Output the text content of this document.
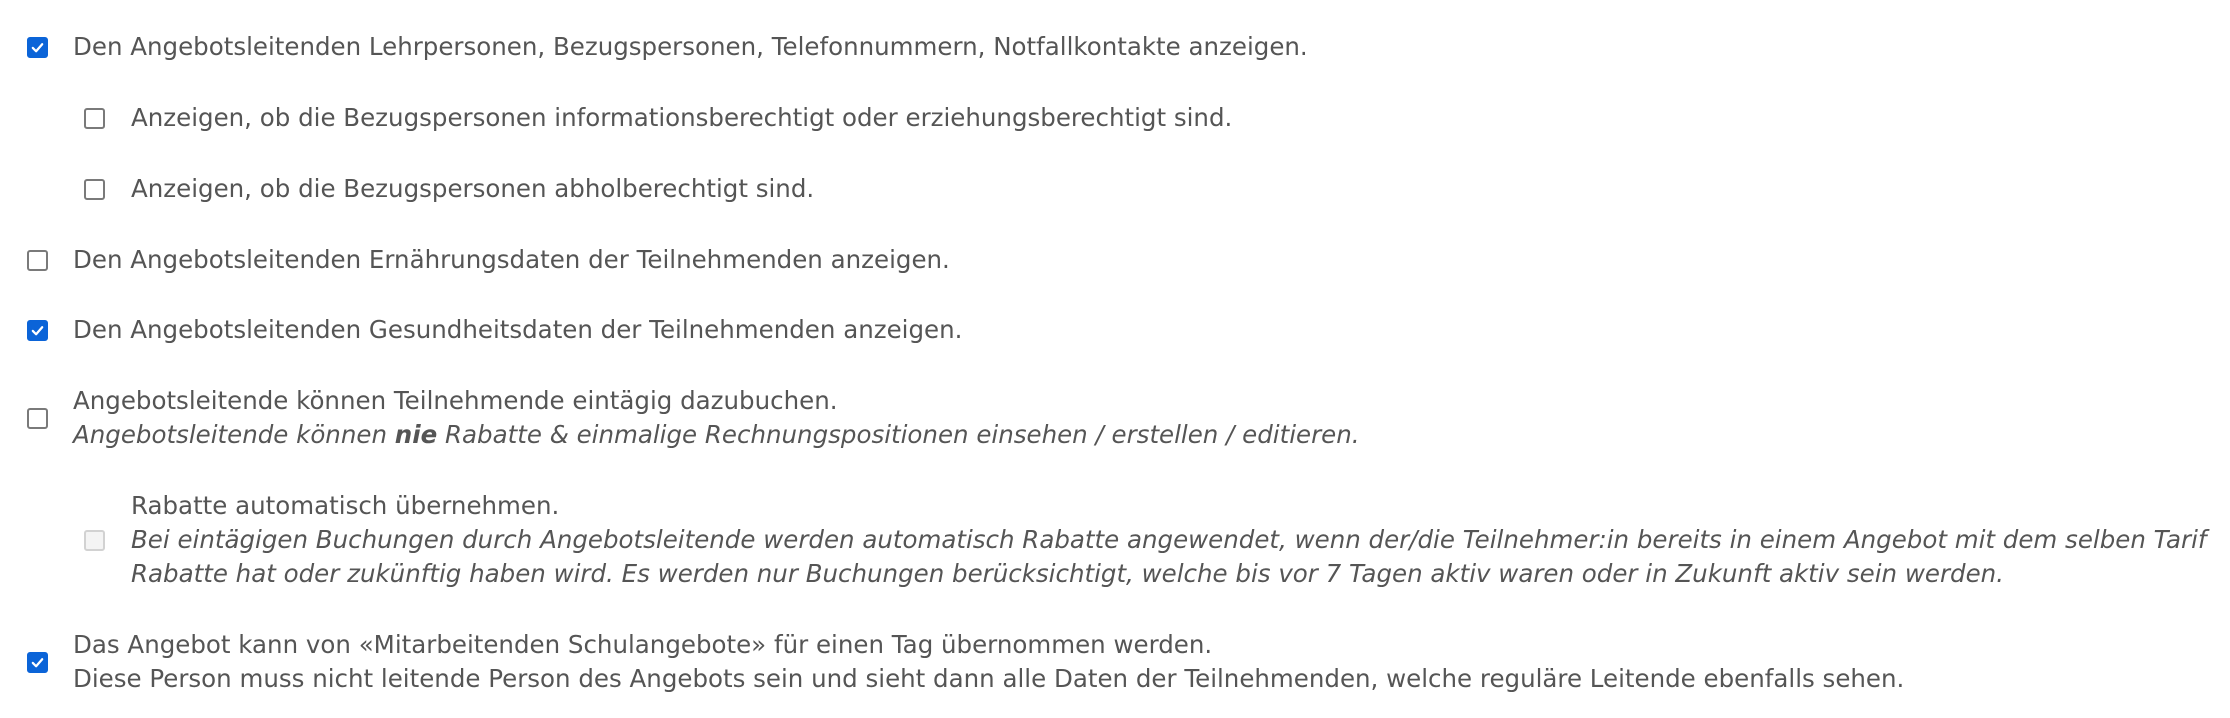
Den Angebotsleitenden Lehrpersonen, Bezugspersonen, Telefonnummern, Notfallkontakte anzeigen.
Anzeigen, ob die Bezugspersonen informationsberechtigt oder erziehungsberechtigt sind.
Anzeigen, ob die Bezugspersonen abholberechtigt sind.
Den Angebotsleitenden Ernährungsdaten der Teilnehmenden anzeigen.
Den Angebotsleitenden Gesundheitsdaten der Teilnehmenden anzeigen.
Angebotsleitende können Teilnehmende eintägig dazubuchen.
Angebotsleitende können nie Rabatte & einmalige Rechnungspositionen einsehen / erstellen / editieren.
Rabatte automatisch übernehmen.
Bei eintägigen Buchungen durch Angebotsleitende werden automatisch Rabatte angewendet, wenn der/die Teilnehmer:in bereits in einem Angebot mit dem selben Tarif
Rabatte hat oder zukünftig haben wird. Es werden nur Buchungen berücksichtigt, welche bis vor 7 Tagen aktiv waren oder in Zukunft aktiv sein werden.
Das Angebot kann von «Mitarbeitenden Schulangebote» für einen Tag übernommen werden.
Diese Person muss nicht leitende Person des Angebots sein und sieht dann alle Daten der Teilnehmenden, welche reguläre Leitende ebenfalls sehen.
